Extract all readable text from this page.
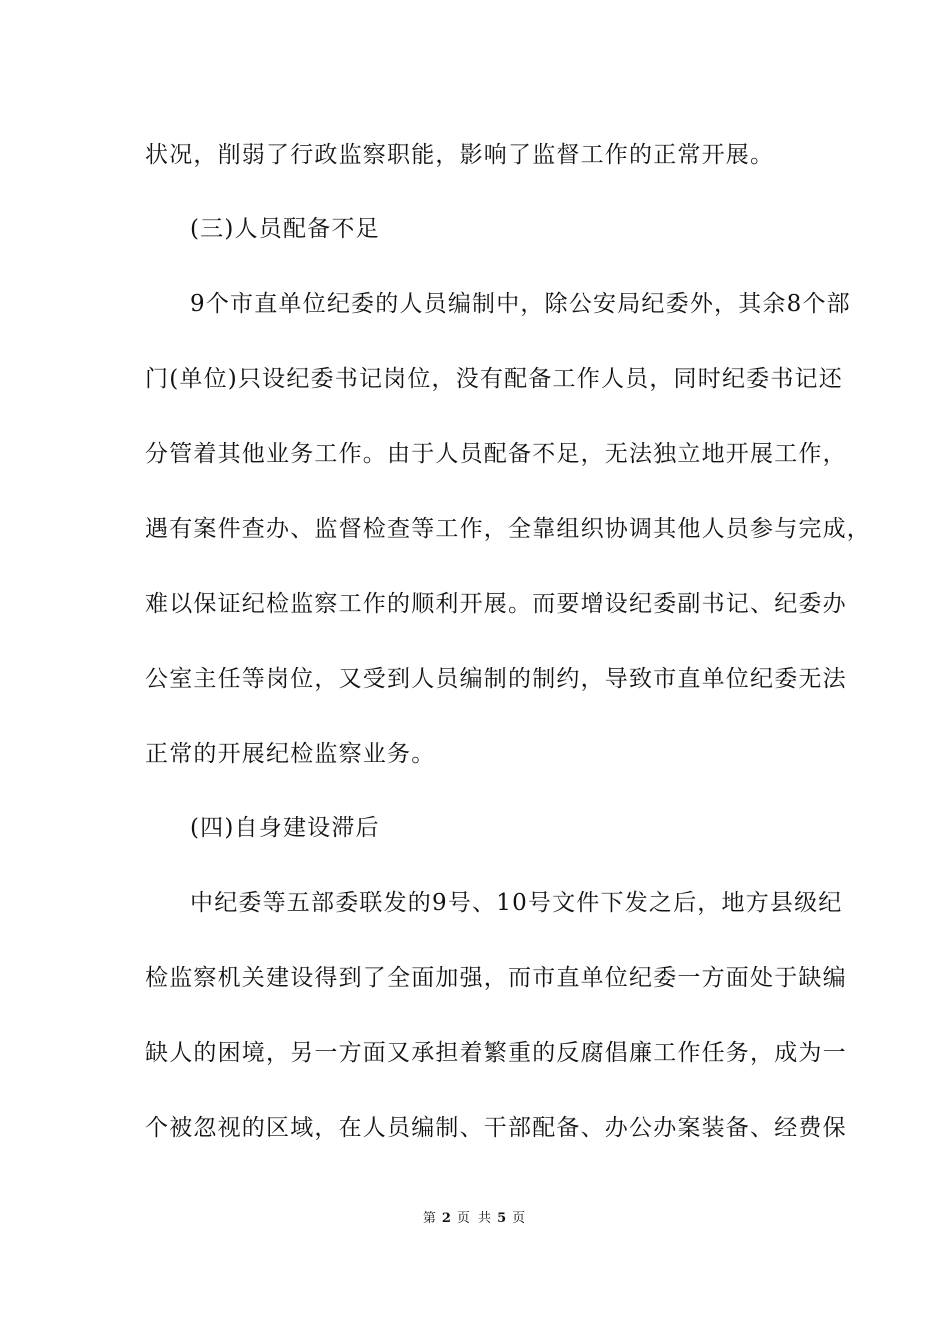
状况，削弱了行政监察职能，影响了监督工作的正常开展。
(三)人员配备不足
9个市直单位纪委的人员编制中，除公安局纪委外，其余8个部
门(单位)只设纪委书记岗位，没有配备工作人员，同时纪委书记还
分管着其他业务工作。由于人员配备不足，无法独立地开展工作，
遇有案件查办、监督检查等工作，全靠组织协调其他人员参与完成，
难以保证纪检监察工作的顺利开展。而要增设纪委副书记、纪委办
公室主任等岗位，又受到人员编制的制约，导致市直单位纪委无法
正常的开展纪检监察业务。
(四)自身建设滞后
中纪委等五部委联发的9号、10号文件下发之后，地方县级纪
检监察机关建设得到了全面加强，而市直单位纪委一方面处于缺编
缺人的困境，另一方面又承担着繁重的反腐倡廉工作任务，成为一
个被忽视的区域，在人员编制、干部配备、办公办案装备、经费保
第 2 页 共 5 页
